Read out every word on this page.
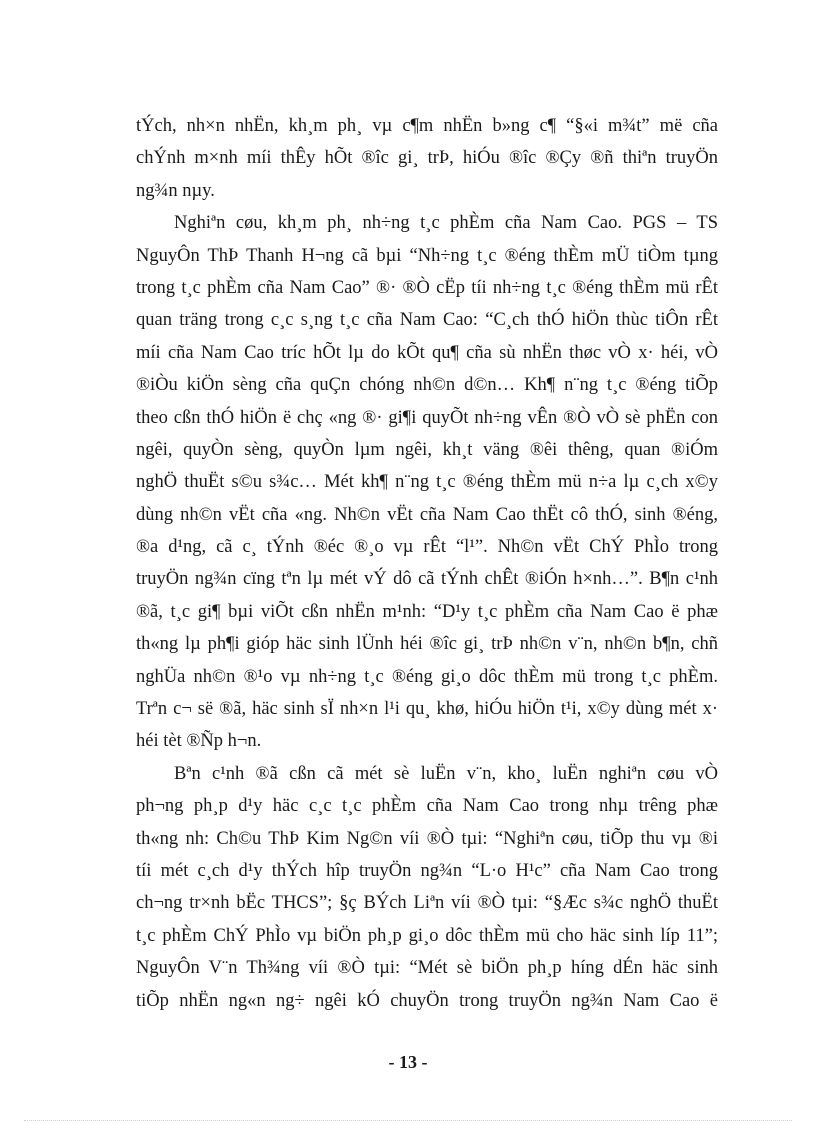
tÝch, nh×n nhËn, kh¸m ph¸ vµ c¶m nhËn b»ng c¶ “§«i m¾t” më cña
chÝnh m×nh míi thÊy hÕt ®îc gi¸ trÞ, hiÓu ®îc ®Çy ®ñ thiªn truyÖn
ng¾n nµy.
Nghiªn cøu, kh¸m ph¸ nh÷ng t¸c phÈm cña Nam Cao. PGS – TS
NguyÔn ThÞ Thanh H¬ng cã bµi “Nh÷ng t¸c ®éng thÈm mÜ tiÒm tµng
trong t¸c phÈm cña Nam Cao” ®· ®Ò cËp tíi nh÷ng t¸c ®éng thÈm mü rÊt
quan träng trong c¸c s¸ng t¸c cña Nam Cao: “C¸ch thÓ hiÖn thùc tiÔn rÊt
míi cña Nam Cao tríc hÕt lµ do kÕt qu¶ cña sù nhËn thøc vÒ x· héi, vÒ
®iÒu kiÖn sèng cña quÇn chóng nh©n d©n… Kh¶ n¨ng t¸c ®éng tiÕp
theo cßn thÓ hiÖn ë chç «ng ®· gi¶i quyÕt nh÷ng vÊn ®Ò vÒ sè phËn con
ngêi, quyÒn sèng, quyÒn lµm ngêi, kh¸t väng ®êi thêng, quan ®iÓm
nghÖ thuËt s©u s¾c… Mét kh¶ n¨ng t¸c ®éng thÈm mü n÷a lµ c¸ch x©y
dùng nh©n vËt cña «ng. Nh©n vËt cña Nam Cao thËt cô thÓ, sinh ®éng,
®a d¹ng, cã c¸ tÝnh ®éc ®¸o vµ rÊt “l¹”. Nh©n vËt ChÝ PhÌo trong
truyÖn ng¾n cïng tªn lµ mét vÝ dô cã tÝnh chÊt ®iÓn h×nh…”. B¶n c¹nh
®ã, t¸c gi¶ bµi viÕt cßn nhËn m¹nh: “D¹y t¸c phÈm cña Nam Cao ë phæ
th«ng lµ ph¶i gióp häc sinh lÜnh héi ®îc gi¸ trÞ nh©n v¨n, nh©n b¶n, chñ
nghÜa nh©n ®¹o vµ nh÷ng t¸c ®éng gi¸o dôc thÈm mü trong t¸c phÈm.
Trªn c¬ së ®ã, häc sinh sÏ nh×n l¹i qu¸ khø, hiÓu hiÖn t¹i, x©y dùng mét x·
héi tèt ®Ñp h¬n.
Bªn c¹nh ®ã cßn cã mét sè luËn v¨n, kho¸ luËn nghiªn cøu vÒ
ph¬ng ph¸p d¹y häc c¸c t¸c phÈm cña Nam Cao trong nhµ trêng phæ
th«ng nh: Ch©u ThÞ Kim Ng©n víi ®Ò tµi: “Nghiªn cøu, tiÕp thu vµ ®i
tíi mét c¸ch d¹y thÝch hîp truyÖn ng¾n “L·o H¹c” cña Nam Cao trong
ch¬ng tr×nh bËc THCS”; §ç BÝch Liªn víi ®Ò tµi: “§Æc s¾c nghÖ thuËt
t¸c phÈm ChÝ PhÌo vµ biÖn ph¸p gi¸o dôc thÈm mü cho häc sinh líp 11”;
NguyÔn V¨n Th¾ng víi ®Ò tµi: “Mét sè biÖn ph¸p híng dÉn häc sinh
tiÕp nhËn ng«n ng÷ ngêi kÓ chuyÖn trong truyÖn ng¾n Nam Cao ë
- 13 -
